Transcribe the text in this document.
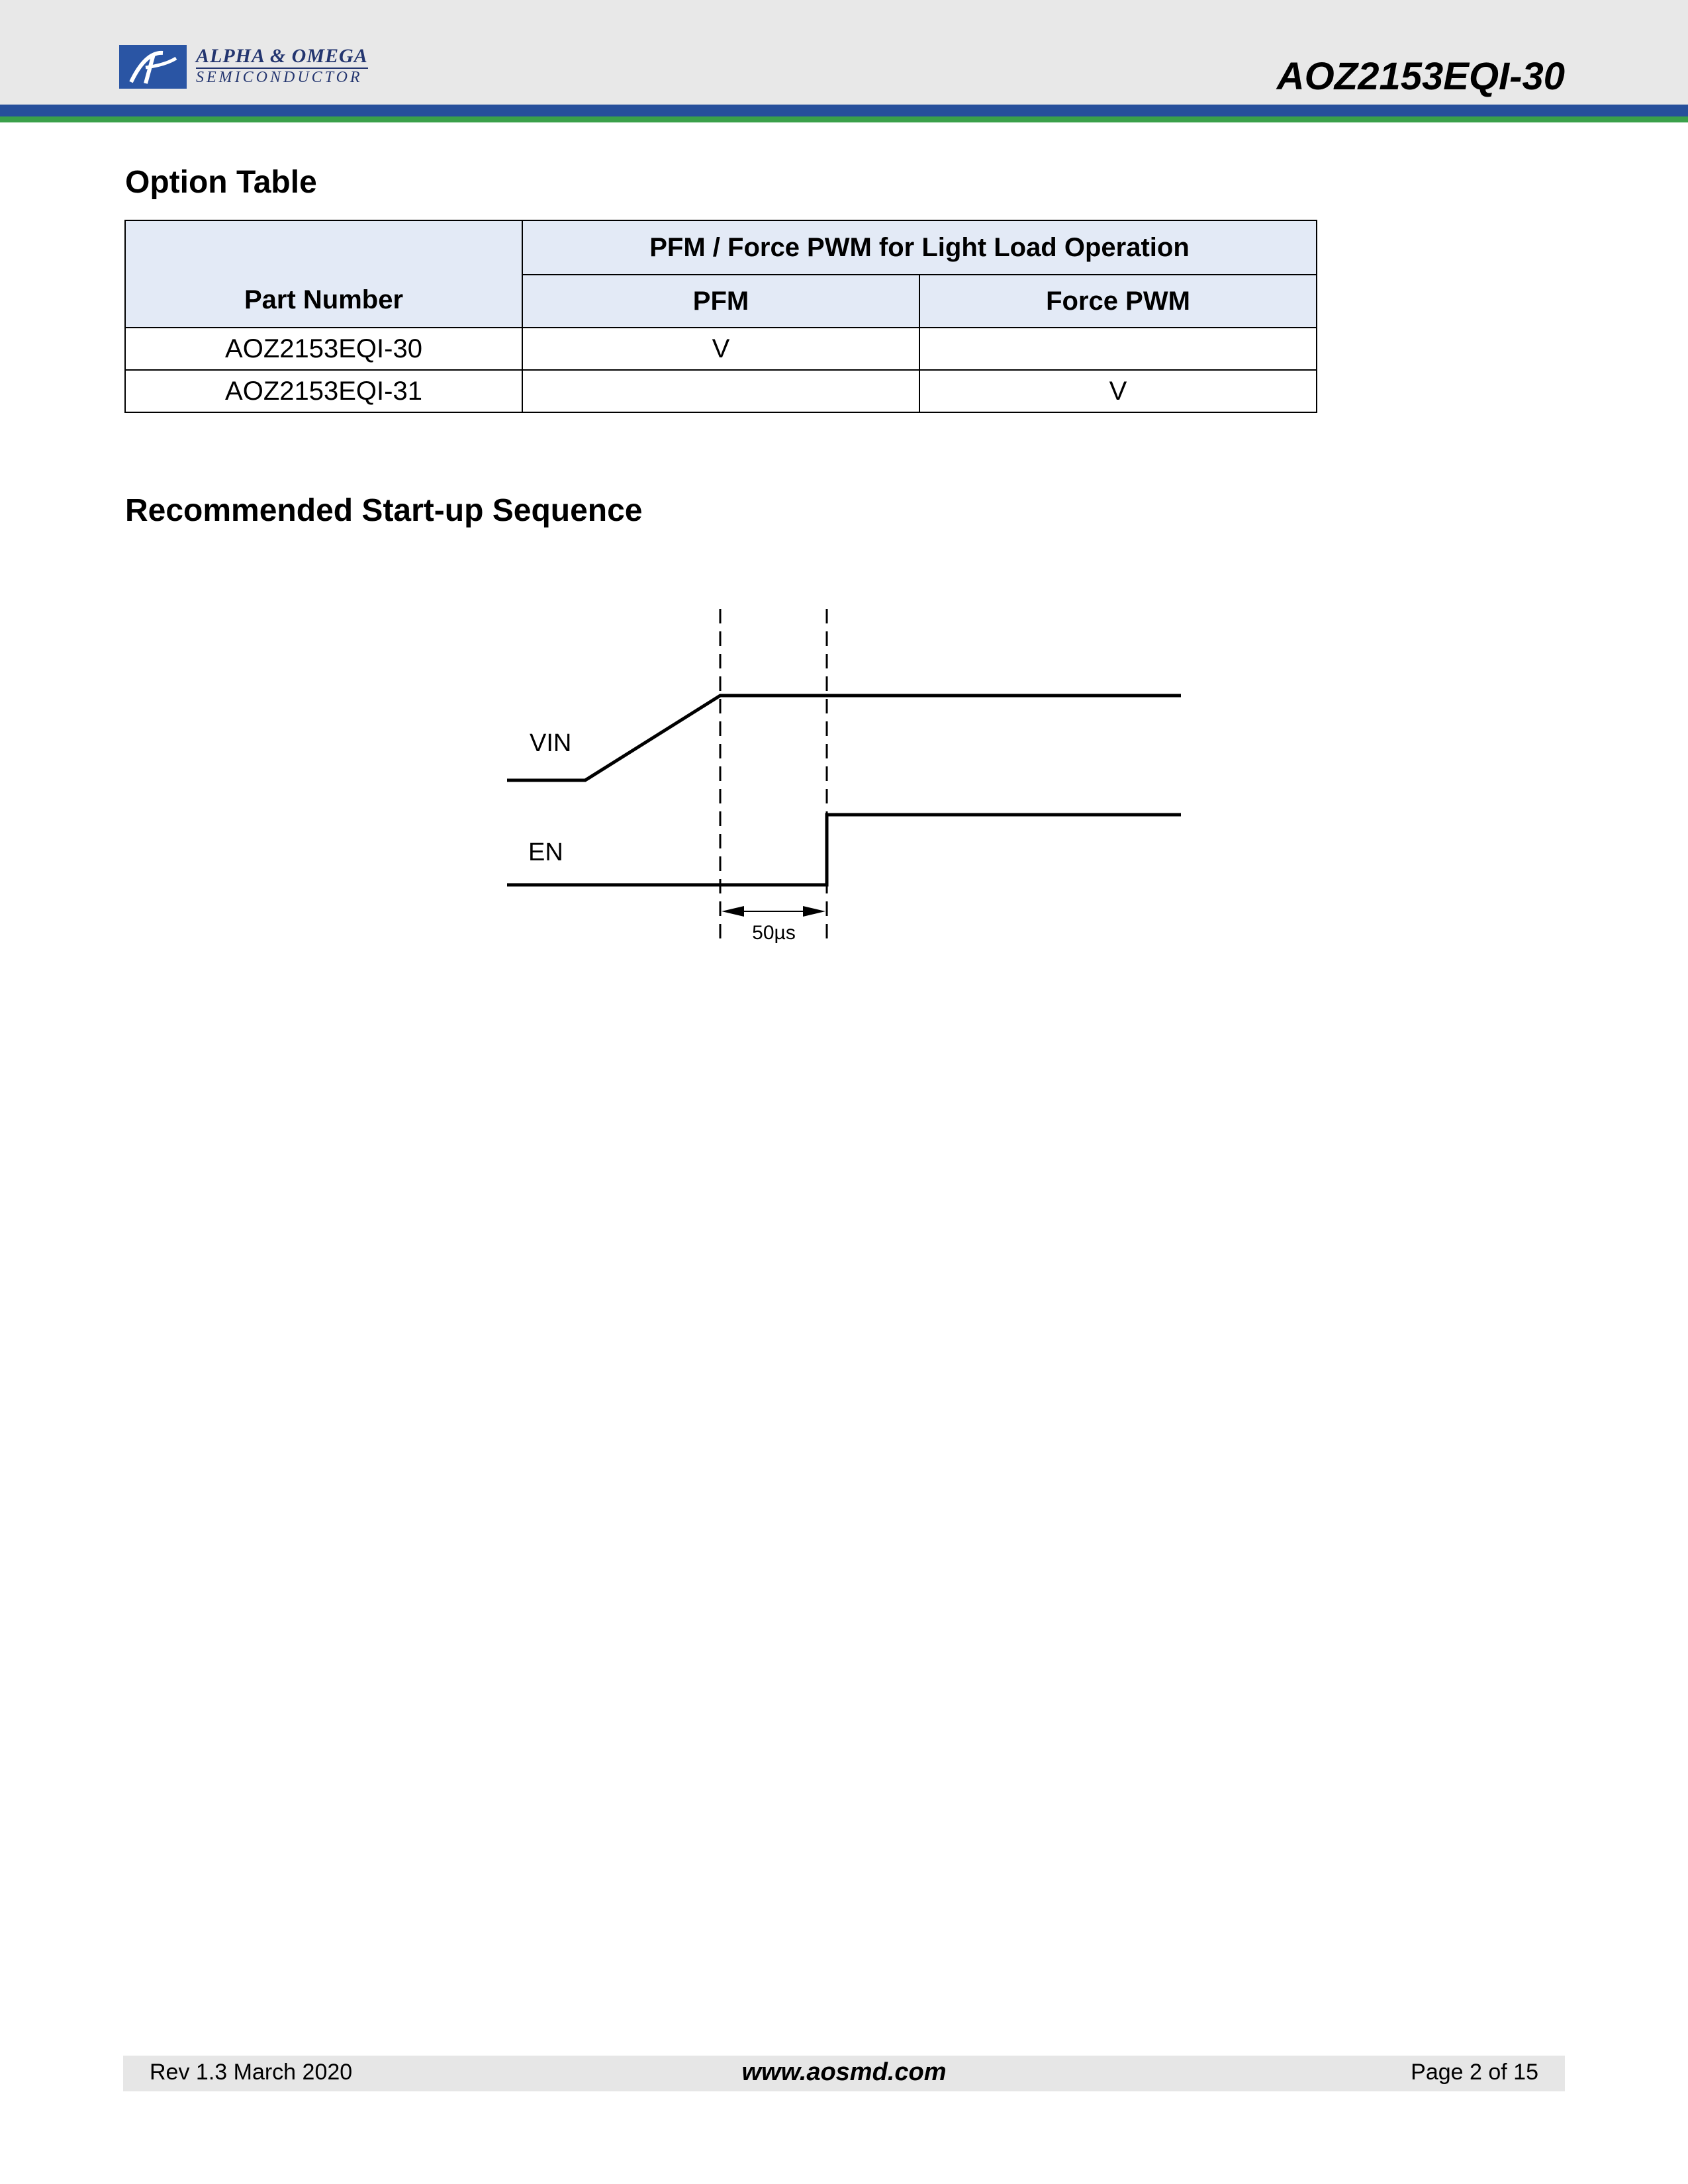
ALPHA & OMEGA
SEMICONDUCTOR	AOZ2153EQI-30
Option Table
Part Number	PFM / Force PWM for Light Load Operation	
	PFM	Force PWM
AOZ2153EQI-30	V	
AOZ2153EQI-31		V
Recommended Start-up Sequence
VIN
EN
50µs
Rev 1.3 March 2020	www.aosmd.com	Page 2 of 15
